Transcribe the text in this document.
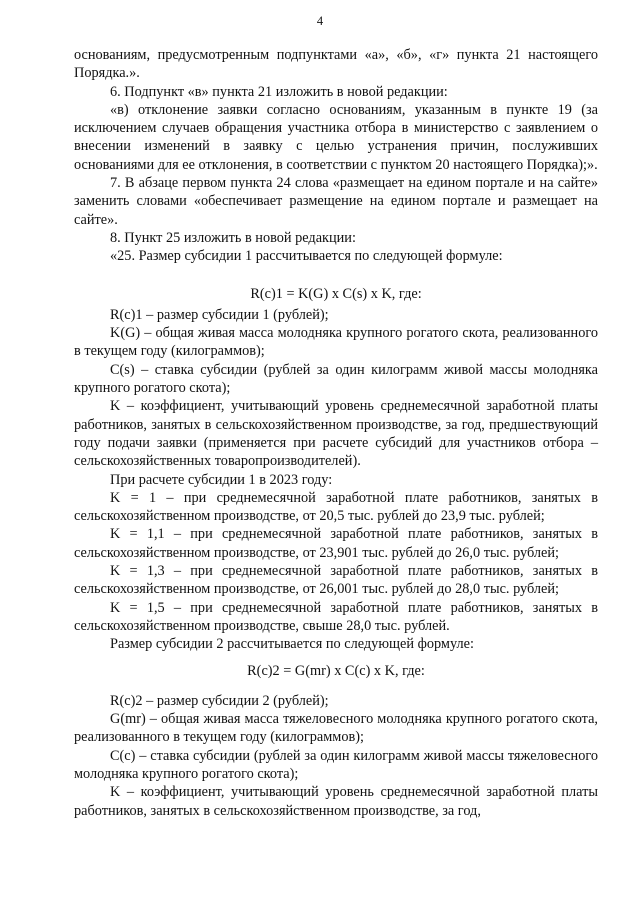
4

основаниям, предусмотренным подпунктами «а», «б», «г» пункта 21 настоящего Порядка.».

6. Подпункт «в» пункта 21 изложить в новой редакции:

«в) отклонение заявки согласно основаниям, указанным в пункте 19 (за исключением случаев обращения участника отбора в министерство с заявлением о внесении изменений в заявку с целью устранения причин, послуживших основаниями для ее отклонения, в соответствии с пунктом 20 настоящего Порядка);».

7. В абзаце первом пункта 24 слова «размещает на едином портале и на сайте» заменить словами «обеспечивает размещение на едином портале и размещает на сайте».

8. Пункт 25 изложить в новой редакции:

«25. Размер субсидии 1 рассчитывается по следующей формуле:

R(c)1 = K(G) x C(s) x K, где:

R(c)1 – размер субсидии 1 (рублей);

K(G) – общая живая масса молодняка крупного рогатого скота, реализованного в текущем году (килограммов);

C(s) – ставка субсидии (рублей за один килограмм живой массы молодняка крупного рогатого скота);

K – коэффициент, учитывающий уровень среднемесячной заработной платы работников, занятых в сельскохозяйственном производстве, за год, предшествующий году подачи заявки (применяется при расчете субсидий для участников отбора – сельскохозяйственных товаропроизводителей).

При расчете субсидии 1 в 2023 году:

K = 1 – при среднемесячной заработной плате работников, занятых в сельскохозяйственном производстве, от 20,5 тыс. рублей до 23,9 тыс. рублей;

K = 1,1 – при среднемесячной заработной плате работников, занятых в сельскохозяйственном производстве, от 23,901 тыс. рублей до 26,0 тыс. рублей;

K = 1,3 – при среднемесячной заработной плате работников, занятых в сельскохозяйственном производстве, от 26,001 тыс. рублей до 28,0 тыс. рублей;

K = 1,5 – при среднемесячной заработной плате работников, занятых в сельскохозяйственном производстве, свыше 28,0 тыс. рублей.

Размер субсидии 2 рассчитывается по следующей формуле:

R(c)2 = G(mr) x C(c) x K, где:

R(c)2 – размер субсидии 2 (рублей);

G(mr) – общая живая масса тяжеловесного молодняка крупного рогатого скота, реализованного в текущем году (килограммов);

C(c) – ставка субсидии (рублей за один килограмм живой массы тяжеловесного молодняка крупного рогатого скота);

K – коэффициент, учитывающий уровень среднемесячной заработной платы работников, занятых в сельскохозяйственном производстве, за год,
